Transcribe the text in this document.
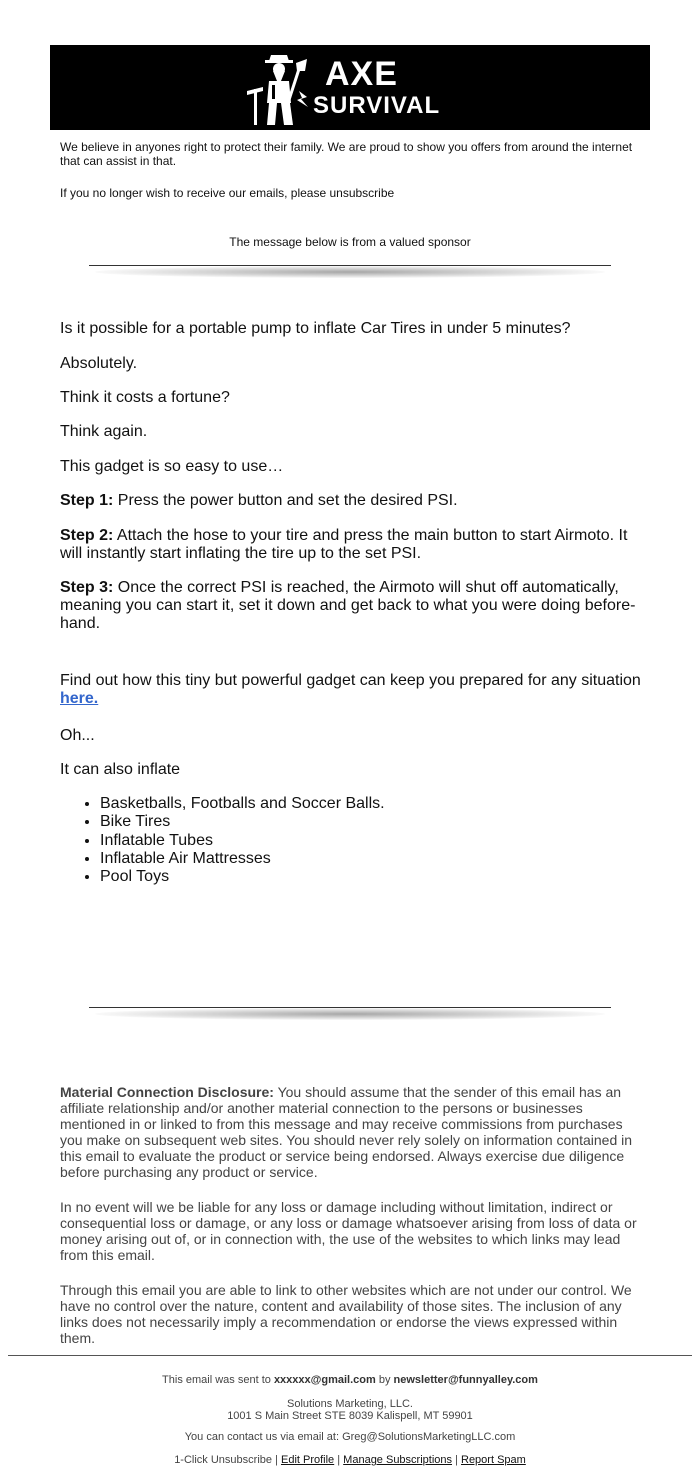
AXE
SURVIVAL
We believe in anyones right to protect their family. We are proud to show you offers from around the internet that can assist in that.
If you no longer wish to receive our emails, please unsubscribe
The message below is from a valued sponsor

Is it possible for a portable pump to inflate Car Tires in under 5 minutes?

Absolutely.

Think it costs a fortune?

Think again.

This gadget is so easy to use…

Step 1: Press the power button and set the desired PSI.

Step 2: Attach the hose to your tire and press the main button to start Airmoto. It will instantly start inflating the tire up to the set PSI.

Step 3: Once the correct PSI is reached, the Airmoto will shut off automatically, meaning you can start it, set it down and get back to what you were doing before-hand.

Find out how this tiny but powerful gadget can keep you prepared for any situation here.

Oh...

It can also inflate

• Basketballs, Footballs and Soccer Balls.
• Bike Tires
• Inflatable Tubes
• Inflatable Air Mattresses
• Pool Toys

Material Connection Disclosure: You should assume that the sender of this email has an affiliate relationship and/or another material connection to the persons or businesses mentioned in or linked to from this message and may receive commissions from purchases you make on subsequent web sites. You should never rely solely on information contained in this email to evaluate the product or service being endorsed. Always exercise due diligence before purchasing any product or service.

In no event will we be liable for any loss or damage including without limitation, indirect or consequential loss or damage, or any loss or damage whatsoever arising from loss of data or money arising out of, or in connection with, the use of the websites to which links may lead from this email.

Through this email you are able to link to other websites which are not under our control. We have no control over the nature, content and availability of those sites. The inclusion of any links does not necessarily imply a recommendation or endorse the views expressed within them.

This email was sent to xxxxxx@gmail.com by newsletter@funnyalley.com

Solutions Marketing, LLC.

1001 S Main Street STE 8039 Kalispell, MT 59901

You can contact us via email at: Greg@SolutionsMarketingLLC.com

1-Click Unsubscribe | Edit Profile | Manage Subscriptions | Report Spam
